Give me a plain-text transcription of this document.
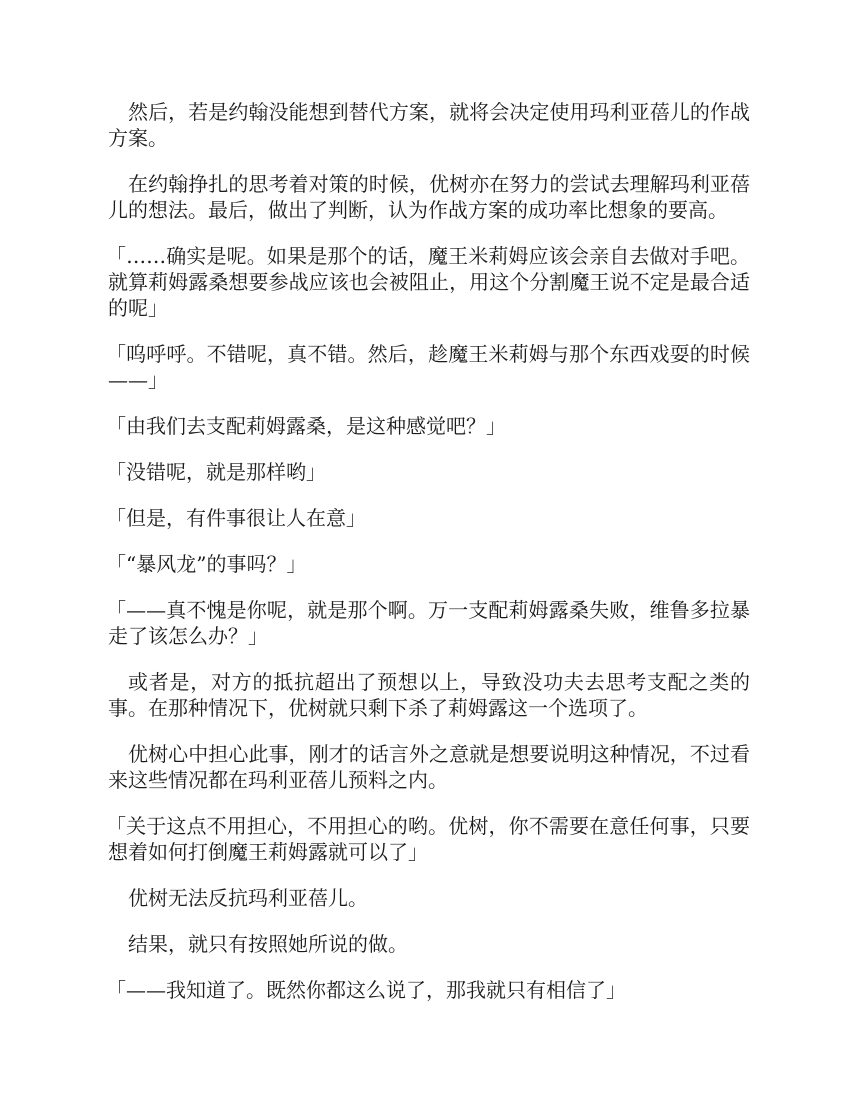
然后，若是约翰没能想到替代方案，就将会决定使用玛利亚蓓儿的作战方案。

在约翰挣扎的思考着对策的时候，优树亦在努力的尝试去理解玛利亚蓓儿的想法。最后，做出了判断，认为作战方案的成功率比想象的要高。

「……确实是呢。如果是那个的话，魔王米莉姆应该会亲自去做对手吧。就算莉姆露桑想要参战应该也会被阻止，用这个分割魔王说不定是最合适的呢」

「呜呼呼。不错呢，真不错。然后，趁魔王米莉姆与那个东西戏耍的时候——」

「由我们去支配莉姆露桑，是这种感觉吧？」

「没错呢，就是那样哟」

「但是，有件事很让人在意」

「“暴风龙”的事吗？」

「——真不愧是你呢，就是那个啊。万一支配莉姆露桑失败，维鲁多拉暴走了该怎么办？」

或者是，对方的抵抗超出了预想以上，导致没功夫去思考支配之类的事。在那种情况下，优树就只剩下杀了莉姆露这一个选项了。

优树心中担心此事，刚才的话言外之意就是想要说明这种情况，不过看来这些情况都在玛利亚蓓儿预料之内。

「关于这点不用担心，不用担心的哟。优树，你不需要在意任何事，只要想着如何打倒魔王莉姆露就可以了」

优树无法反抗玛利亚蓓儿。

结果，就只有按照她所说的做。

「——我知道了。既然你都这么说了，那我就只有相信了」
